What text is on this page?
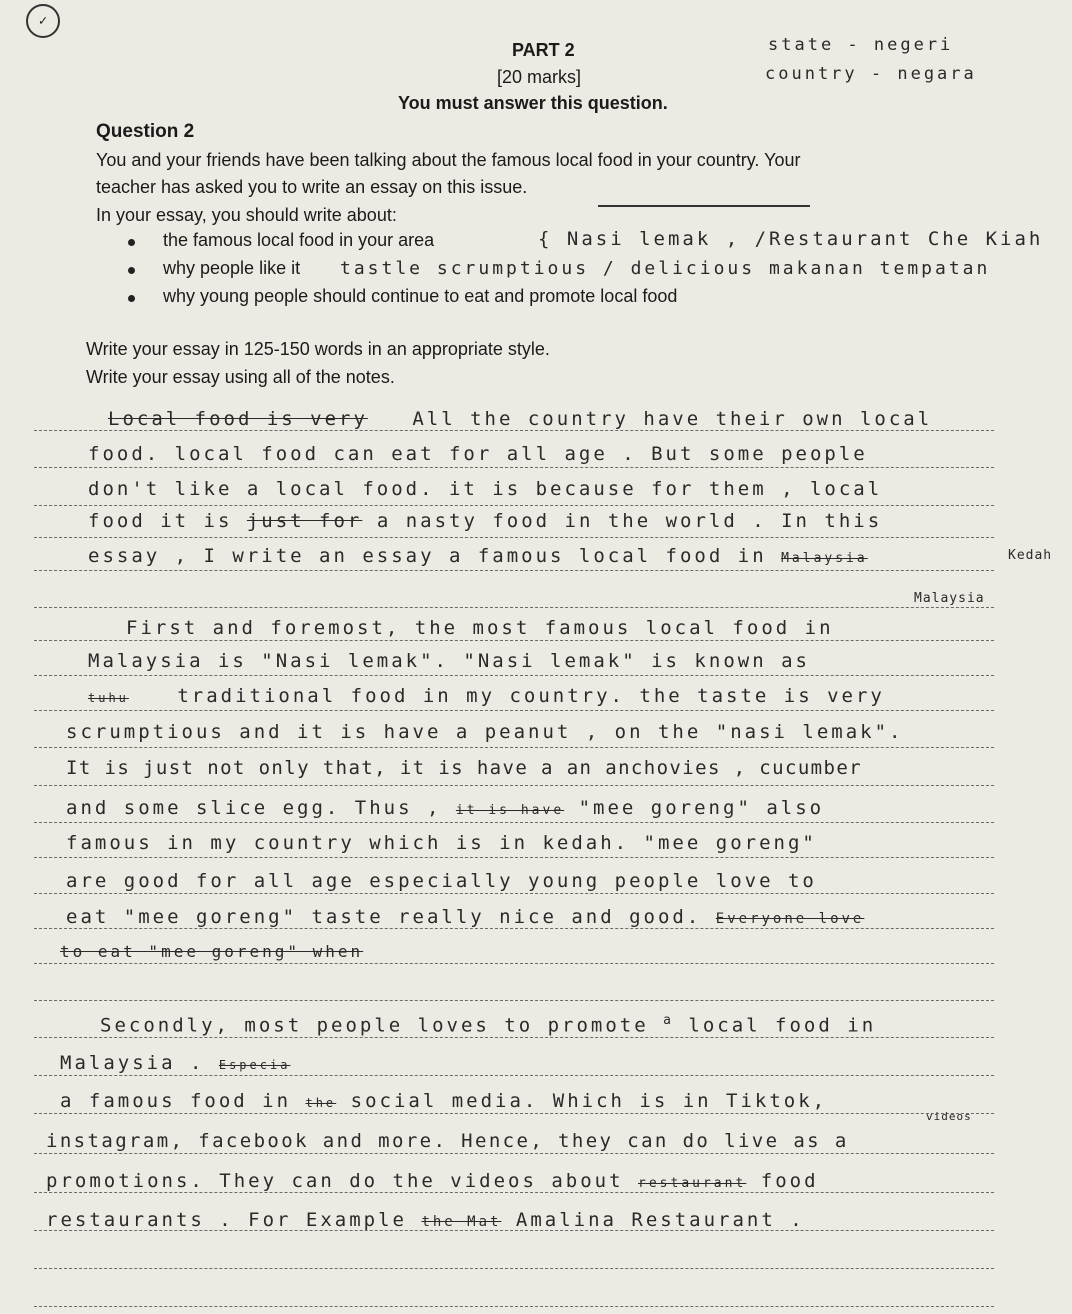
✓
PART 2
[20 marks]
You must answer this question.
state - negeri
country - negara
Question 2
You and your friends have been talking about the famous local food in your country. Your
teacher has asked you to write an essay on this issue.
In your essay, you should write about:
the famous local food in your area	{ Nasi lemak , /Restaurant Che Kiah
why people like it tastle scrumptious / delicious makanan tempatan
why young people should continue to eat and promote local food
Write your essay in 125-150 words in an appropriate style.
Write your essay using all of the notes.
Local food is very All the country have their own local
food. local food can eat for all age . But some people
don't like a local food. it is because for them , local
food it is just for a nasty food in the world . In this
Kedah
essay , I write an essay a famous local food in Malaysia
Malaysia
First and foremost, the most famous local food in
Malaysia is "Nasi lemak". "Nasi lemak" is known as
tuhu	traditional food in my country. the taste is very
scrumptious and it is have a peanut , on the "nasi lemak".
It is just not only that, it is have a an anchovies , cucumber
and some slice egg. Thus , it is have "mee goreng" also
famous in my country which is in kedah. "mee goreng"
are good for all age especially young people love to
eat "mee goreng" taste really nice and good. Everyone love
to eat "mee goreng" when
Secondly, most people loves to promote $^a$ local food in
Malaysia . Especia
a famous food in the social media. Which is in Tiktok,
videos
instagram, facebook and more. Hence, they can do live as a
promotions. They can do the videos about restaurant food
restaurants . For Example the Mat Amalina Restaurant .
